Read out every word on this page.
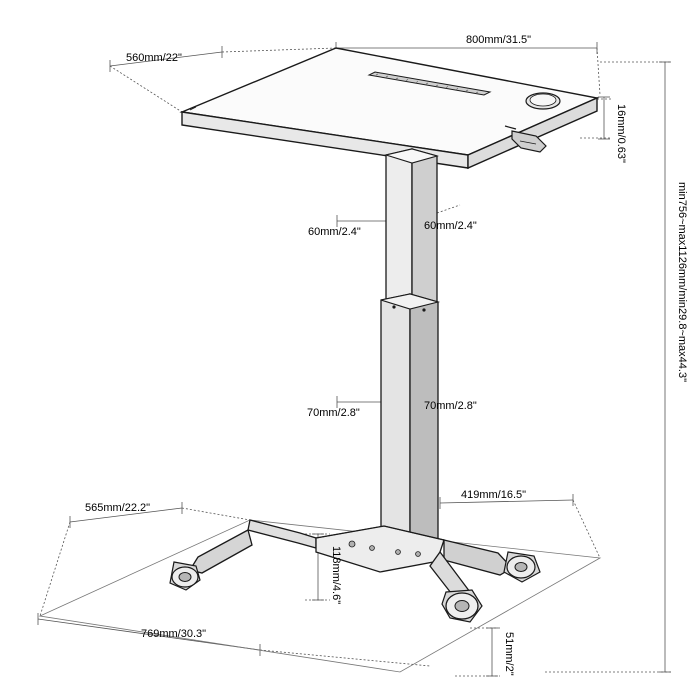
800mm/31.5"
560mm/22"
16mm/0.63"
60mm/2.4"	60mm/2.4"
70mm/2.8"
70mm/2.8"
min756~max1126mm/min29.8~max44.3"
565mm/22.2"
419mm/16.5"
118mm/4.6"
769mm/30.3"	51mm/2"
